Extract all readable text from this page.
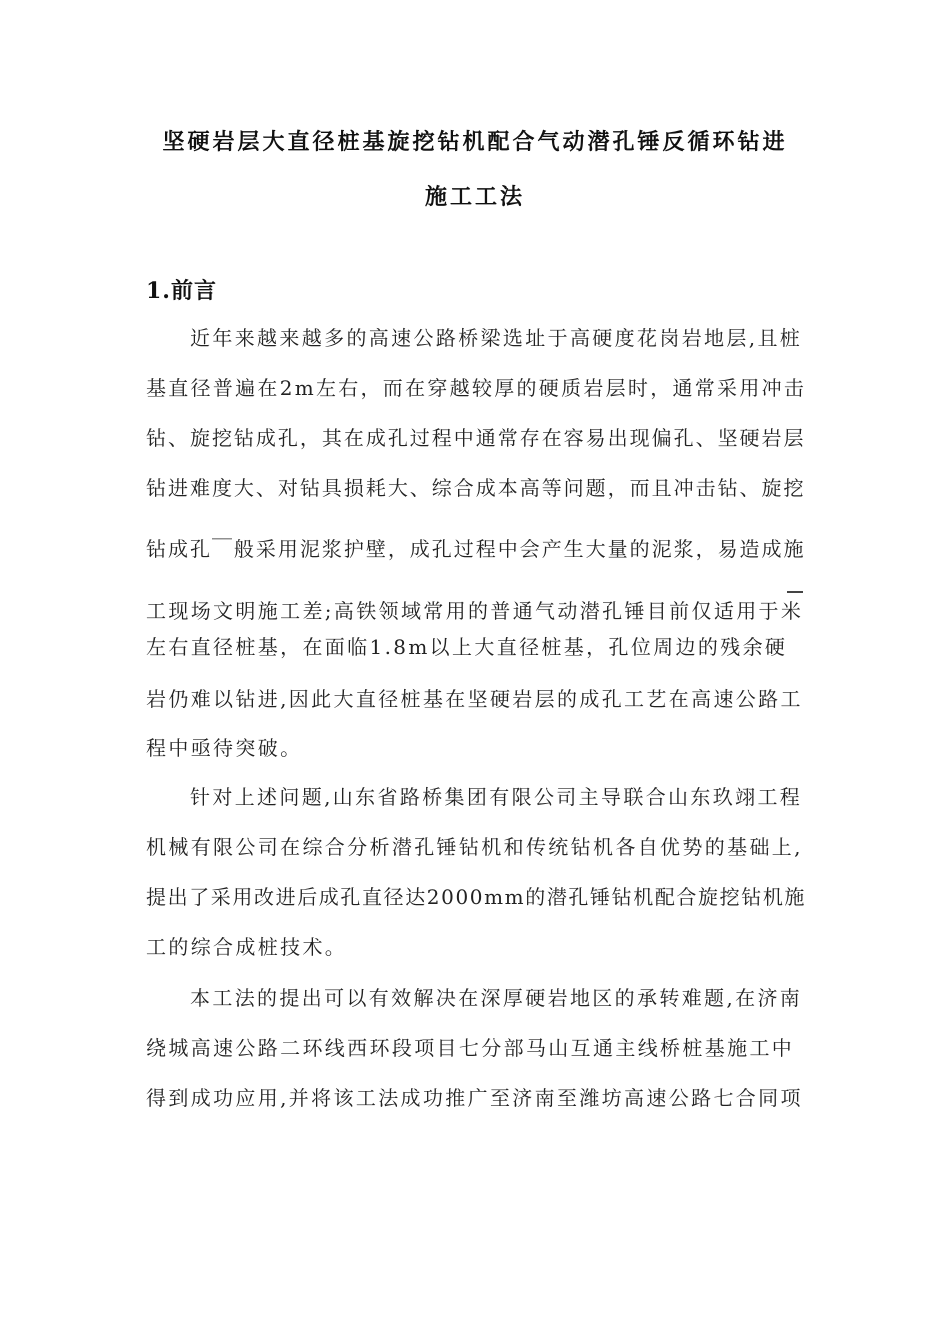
坚硬岩层大直径桩基旋挖钻机配合气动潜孔锤反循环钻进
施工工法
1.前言
近年来越来越多的高速公路桥梁选址于高硬度花岗岩地层,且桩
基直径普遍在2m左右，而在穿越较厚的硬质岩层时，通常采用冲击
钻、旋挖钻成孔，其在成孔过程中通常存在容易出现偏孔、坚硬岩层
钻进难度大、对钻具损耗大、综合成本高等问题，而且冲击钻、旋挖
钻成孔￣般采用泥浆护壁，成孔过程中会产生大量的泥浆，易造成施
工现场文明施工差;高铁领域常用的普通气动潜孔锤目前仅适用于米
左右直径桩基，在面临1.8m以上大直径桩基，孔位周边的残余硬
岩仍难以钻进,因此大直径桩基在坚硬岩层的成孔工艺在高速公路工
程中亟待突破。
针对上述问题,山东省路桥集团有限公司主导联合山东玖翊工程
机械有限公司在综合分析潜孔锤钻机和传统钻机各自优势的基础上,
提出了采用改进后成孔直径达2000mm的潜孔锤钻机配合旋挖钻机施
工的综合成桩技术。
本工法的提出可以有效解决在深厚硬岩地区的承转难题,在济南
绕城高速公路二环线西环段项目七分部马山互通主线桥桩基施工中
得到成功应用,并将该工法成功推广至济南至潍坊高速公路七合同项
